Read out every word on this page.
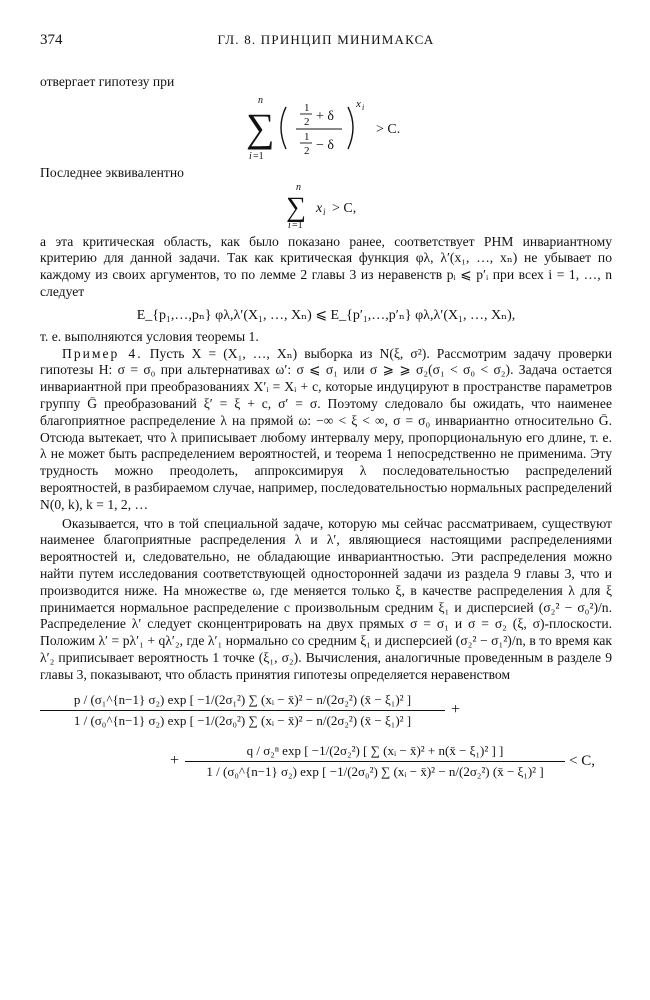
374	ГЛ. 8. ПРИНЦИП МИНИМАКСА

отвергает гипотезу при

n
∑
i =1
1
2 + δ
1
2 − δ
x i
> C.

Последнее эквивалентно

n
∑
i =1
x i > C,

а эта критическая область, как было показано ранее, соответствует РНМ инвариантному критерию для данной задачи. Так как критическая функция φλ, λ′(x₁, …, xₙ) не убывает по каждому из своих аргументов, то по лемме 2 главы 3 из неравенств pᵢ ⩽ p′ᵢ при всех i = 1, …, n следует

E_{p₁,…,pₙ} φλ,λ′(X₁, …, Xₙ) ⩽ E_{p′₁,…,p′ₙ} φλ,λ′(X₁, …, Xₙ),

т. е. выполняются условия теоремы 1.

Пример 4. Пусть X = (X₁, …, Xₙ) выборка из N(ξ, σ²). Рассмотрим задачу проверки гипотезы H: σ = σ₀ при альтернативах ω′: σ ⩽ σ₁ или σ ⩾ ⩾ σ₂(σ₁ < σ₀ < σ₂). Задача остается инвариантной при преобразованиях X′ᵢ = Xᵢ + c, которые индуцируют в пространстве параметров группу Ḡ преобразований ξ′ = ξ + c, σ′ = σ. Поэтому следовало бы ожидать, что наименее благоприятное распределение λ на прямой ω: −∞ < ξ < ∞, σ = σ₀ инвариантно относительно Ḡ. Отсюда вытекает, что λ приписывает любому интервалу меру, пропорциональную его длине, т. е. λ не может быть распределением вероятностей, и теорема 1 непосредственно не применима. Эту трудность можно преодолеть, аппроксимируя λ последовательностью распределений вероятностей, в разбираемом случае, например, последовательностью нормальных распределений N(0, k), k = 1, 2, …

Оказывается, что в той специальной задаче, которую мы сейчас рассматриваем, существуют наименее благоприятные распределения λ и λ′, являющиеся настоящими распределениями вероятностей и, следовательно, не обладающие инвариантностью. Эти распределения можно найти путем исследования соответствующей односторонней задачи из раздела 9 главы 3, что и производится ниже. На множестве ω, где меняется только ξ, в качестве распределения λ для ξ принимается нормальное распределение с произвольным средним ξ₁ и дисперсией (σ₂² − σ₀²)/n. Распределение λ′ следует сконцентрировать на двух прямых σ = σ₁ и σ = σ₂ (ξ, σ)-плоскости. Положим λ′ = pλ′₁ + qλ′₂, где λ′₁ нормально со средним ξ₁ и дисперсией (σ₂² − σ₁²)/n, в то время как λ′₂ приписывает вероятность 1 точке (ξ₁, σ₂). Вычисления, аналогичные проведенным в разделе 9 главы 3, показывают, что область принятия гипотезы определяется неравенством

p / (σ₁^{n−1} σ₂) exp [ −1/(2σ₁²) ∑ (xᵢ − x̄)² − n/(2σ₂²) (x̄ − ξ₁)² ]
1 / (σ₀^{n−1} σ₂) exp [ −1/(2σ₀²) ∑ (xᵢ − x̄)² − n/(2σ₂²) (x̄ − ξ₁)² ]
+
+
q / σ₂ⁿ exp [ −1/(2σ₂²) [ ∑ (xᵢ − x̄)² + n(x̄ − ξ₁)² ] ]
1 / (σ₀^{n−1} σ₂) exp [ −1/(2σ₀²) ∑ (xᵢ − x̄)² − n/(2σ₂²) (x̄ − ξ₁)² ]
< C,
